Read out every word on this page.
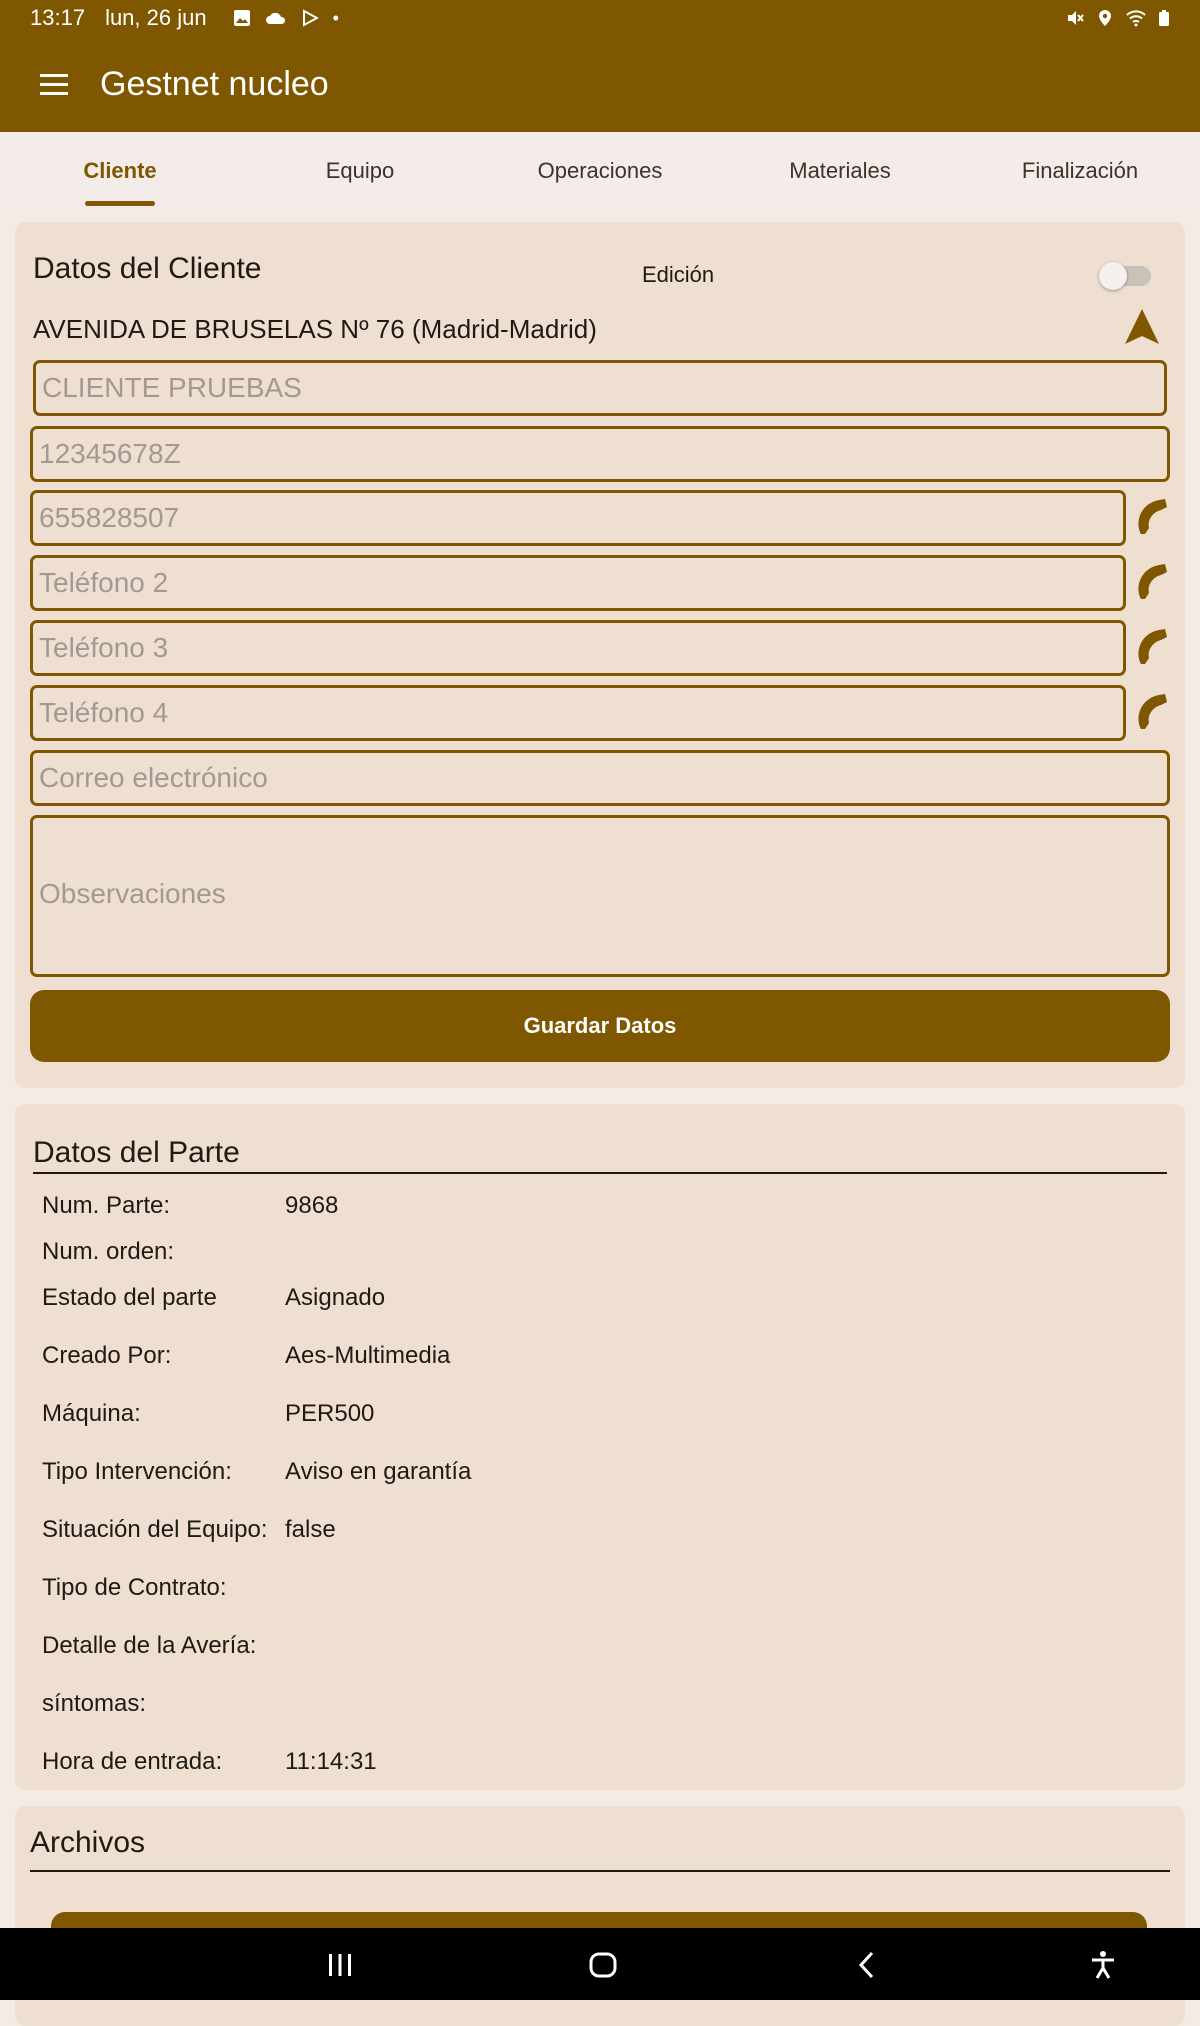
13:17 lun, 26 jun	•
Gestnet nucleo
Cliente	Equipo	Operaciones	Materiales	Finalización
Datos del Cliente	Edición
AVENIDA DE BRUSELAS Nº 76 (Madrid-Madrid)
CLIENTE PRUEBAS
12345678Z
655828507
Teléfono 2
Teléfono 3
Teléfono 4
Correo electrónico
Observaciones
Guardar Datos
Datos del Parte
Num. Parte:	9868
Num. orden:
Estado del parte	Asignado
Creado Por:	Aes-Multimedia
Máquina:	PER500
Tipo Intervención: Aviso en garantía
Situación del Equipo: false
Tipo de Contrato:
Detalle de la Avería:
síntomas:
Hora de entrada:	11:14:31
Archivos
